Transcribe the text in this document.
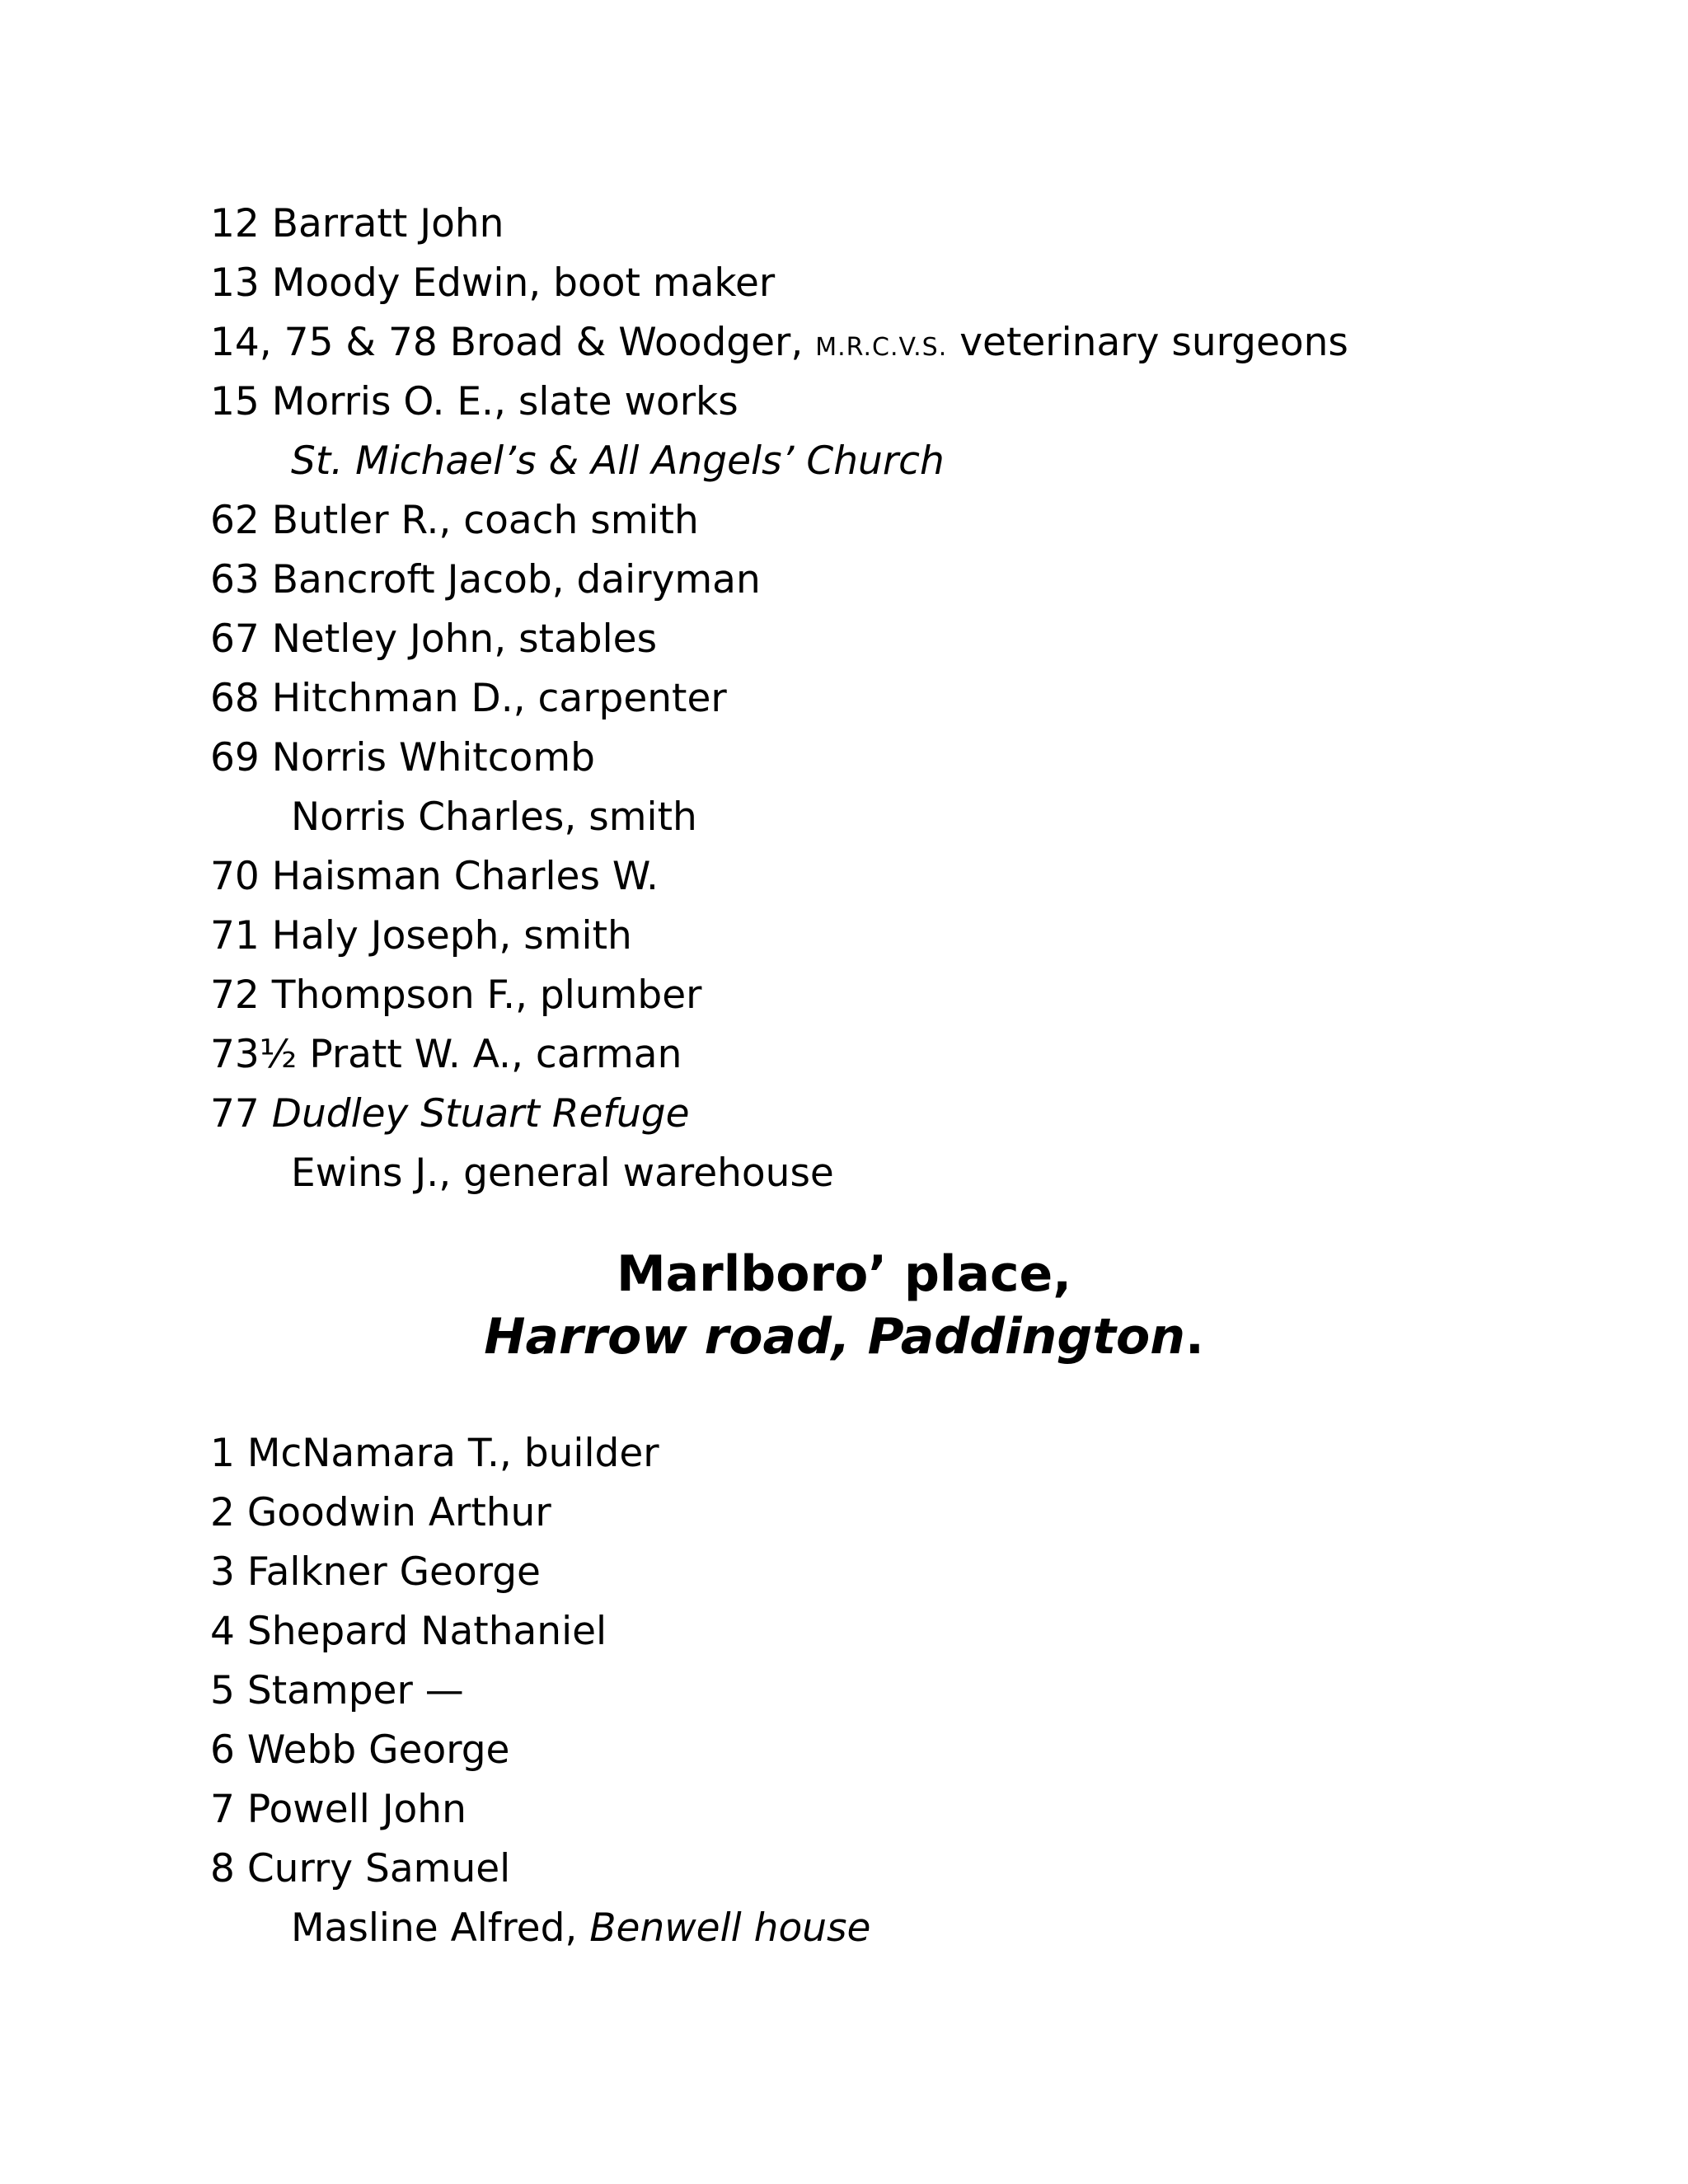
12 Barratt John
13 Moody Edwin, boot maker
14, 75 & 78 Broad & Woodger, M.R.C.V.S. veterinary surgeons
15 Morris O. E., slate works
St. Michael’s & All Angels’ Church
62 Butler R., coach smith
63 Bancroft Jacob, dairyman
67 Netley John, stables
68 Hitchman D., carpenter
69 Norris Whitcomb
Norris Charles, smith
70 Haisman Charles W.
71 Haly Joseph, smith
72 Thompson F., plumber
73½ Pratt W. A., carman
77 Dudley Stuart Refuge
Ewins J., general warehouse
Marlboro’ place,
Harrow road, Paddington.
1 McNamara T., builder
2 Goodwin Arthur
3 Falkner George
4 Shepard Nathaniel
5 Stamper —
6 Webb George
7 Powell John
8 Curry Samuel
Masline Alfred, Benwell house
